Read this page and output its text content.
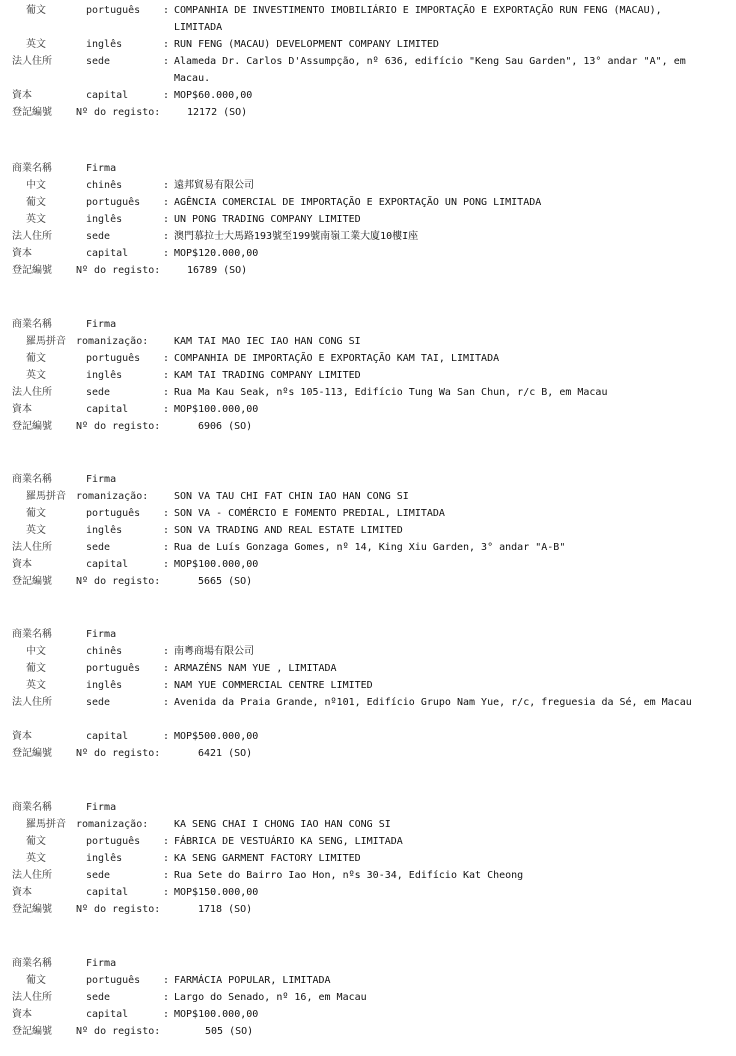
葡文	português : COMPANHIA DE INVESTIMENTO IMOBILIÁRIO E IMPORTAÇÃO E EXPORTAÇÃO RUN FENG (MACAU), LIMITADA
英文	inglês	: RUN FENG (MACAU) DEVELOPMENT COMPANY LIMITED
法人住所	sede	: Alameda Dr. Carlos D'Assumpção, nº 636, edifício "Keng Sau Garden", 13° andar "A", em Macau.
資本	capital	: MOP$60.000,00
登記編號 Nº do registo:	12172 (SO)
商業名稱	Firma
中文	chinês	: 遠邦貿易有限公司
葡文	português : AGÊNCIA COMERCIAL DE IMPORTAÇÃO E EXPORTAÇÃO UN PONG LIMITADA
英文	inglês	: UN PONG TRADING COMPANY LIMITED
法人住所	sede	: 澳門慕拉士大馬路193號至199號南嶺工業大廈10樓I座
資本	capital	: MOP$120.000,00
登記編號 Nº do registo:	16789 (SO)
商業名稱	Firma
羅馬拼音 romanização:	KAM TAI MAO IEC IAO HAN CONG SI
葡文	português : COMPANHIA DE IMPORTAÇÃO E EXPORTAÇÃO KAM TAI, LIMITADA
英文	inglês	: KAM TAI TRADING COMPANY LIMITED
法人住所	sede	: Rua Ma Kau Seak, nºs 105-113, Edifício Tung Wa San Chun, r/c B, em Macau
資本	capital	: MOP$100.000,00
登記編號 Nº do registo:	6906 (SO)
商業名稱	Firma
羅馬拼音 romanização:	SON VA TAU CHI FAT CHIN IAO HAN CONG SI
葡文	português : SON VA - COMÉRCIO E FOMENTO PREDIAL, LIMITADA
英文	inglês	: SON VA TRADING AND REAL ESTATE LIMITED
法人住所	sede	: Rua de Luís Gonzaga Gomes, nº 14, King Xiu Garden, 3° andar "A-B"
資本	capital	: MOP$100.000,00
登記編號 Nº do registo:	5665 (SO)
商業名稱	Firma
中文	chinês	: 南粵商場有限公司
葡文	português : ARMAZÉNS NAM YUE , LIMITADA
英文	inglês	: NAM YUE COMMERCIAL CENTRE LIMITED
法人住所	sede	: Avenida da Praia Grande, nº101, Edifício Grupo Nam Yue, r/c, freguesia da Sé, em Macau
資本	capital	: MOP$500.000,00
登記編號 Nº do registo:	6421 (SO)
商業名稱	Firma
羅馬拼音 romanização:	KA SENG CHAI I CHONG IAO HAN CONG SI
葡文	português : FÁBRICA DE VESTUÁRIO KA SENG, LIMITADA
英文	inglês	: KA SENG GARMENT FACTORY LIMITED
法人住所	sede	: Rua Sete do Bairro Iao Hon, nºs 30-34, Edifício Kat Cheong
資本	capital	: MOP$150.000,00
登記編號 Nº do registo:	1718 (SO)
商業名稱	Firma
葡文	português : FARMÁCIA POPULAR, LIMITADA
法人住所	sede	: Largo do Senado, nº 16, em Macau
資本	capital	: MOP$100.000,00
登記編號 Nº do registo:	505 (SO)
